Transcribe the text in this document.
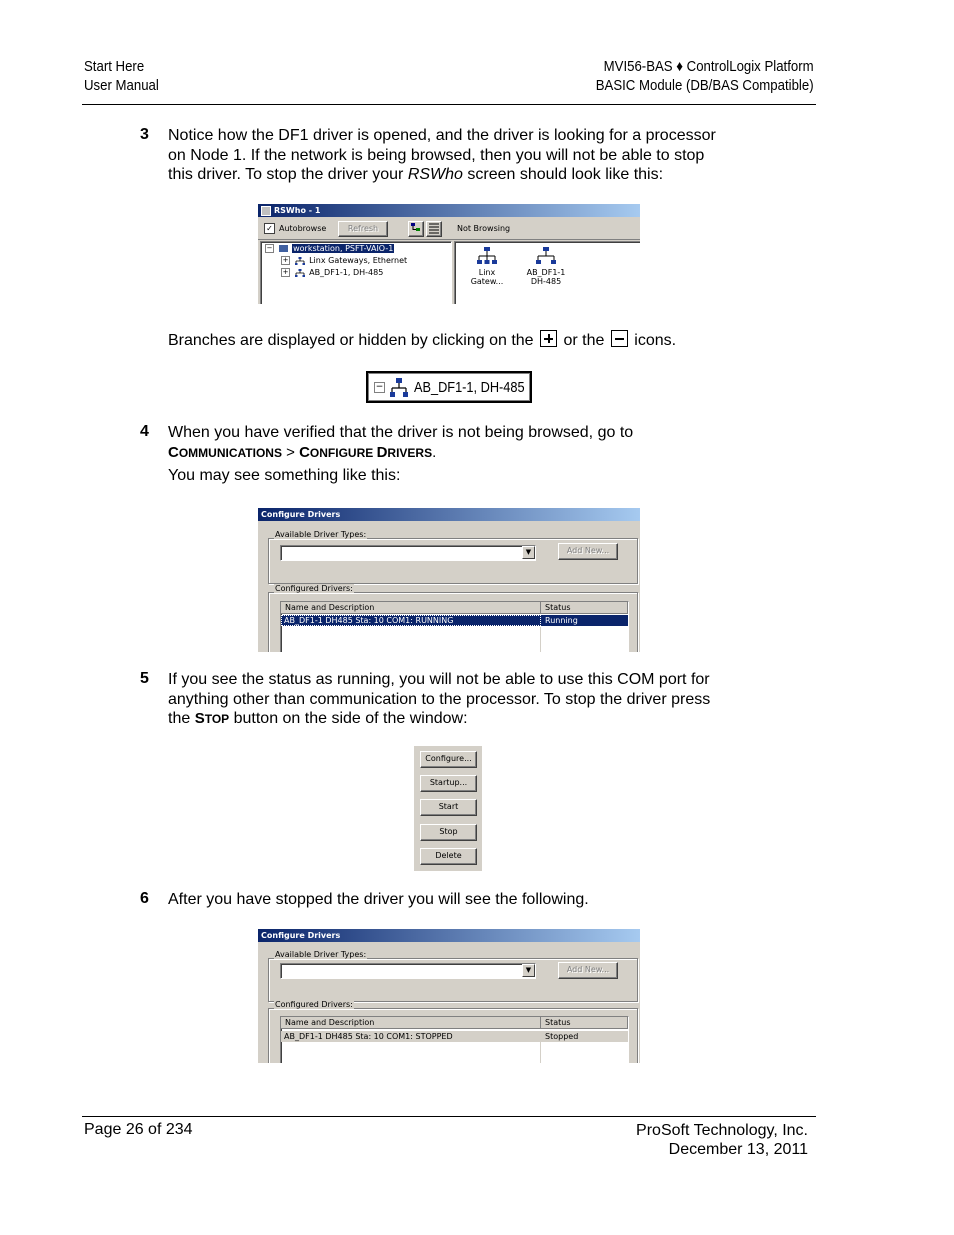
Start Here
User Manual
MVI56-BAS ♦ ControlLogix Platform
BASIC Module (DB/BAS Compatible)
3 Notice how the DF1 driver is opened, and the driver is looking for a processor
on Node 1. If the network is being browsed, then you will not be able to stop
this driver. To stop the driver your RSWho screen should look like this:
RSWho - 1
✓ Autobrowse	Refresh	Not Browsing
−	workstation, PSFT-VAIO-1
+	Linx Gateways, Ethernet
+	AB_DF1-1, DH-485	Linx
Gatew...
AB_DF1-1
DH-485
Branches are displayed or hidden by clicking on the or the icons.
− AB_DF1-1, DH-485
4 When you have verified that the driver is not being browsed, go to
COMMUNICATIONS > CONFIGURE DRIVERS.
You may see something like this:
Configure Drivers
Available Driver Types:
▼	Add New...
Configured Drivers:
Name and Description	Status
AB_DF1-1 DH485 Sta: 10 COM1: RUNNING	Running
5 If you see the status as running, you will not be able to use this COM port for
anything other than communication to the processor. To stop the driver press
the STOP button on the side of the window:
Configure...
Startup...
Start
Stop
Delete
6 After you have stopped the driver you will see the following.
Configure Drivers
Available Driver Types:
▼	Add New...
Configured Drivers:
Name and Description	Status
AB_DF1-1 DH485 Sta: 10 COM1: STOPPED	Stopped
Page 26 of 234	ProSoft Technology, Inc.
December 13, 2011
